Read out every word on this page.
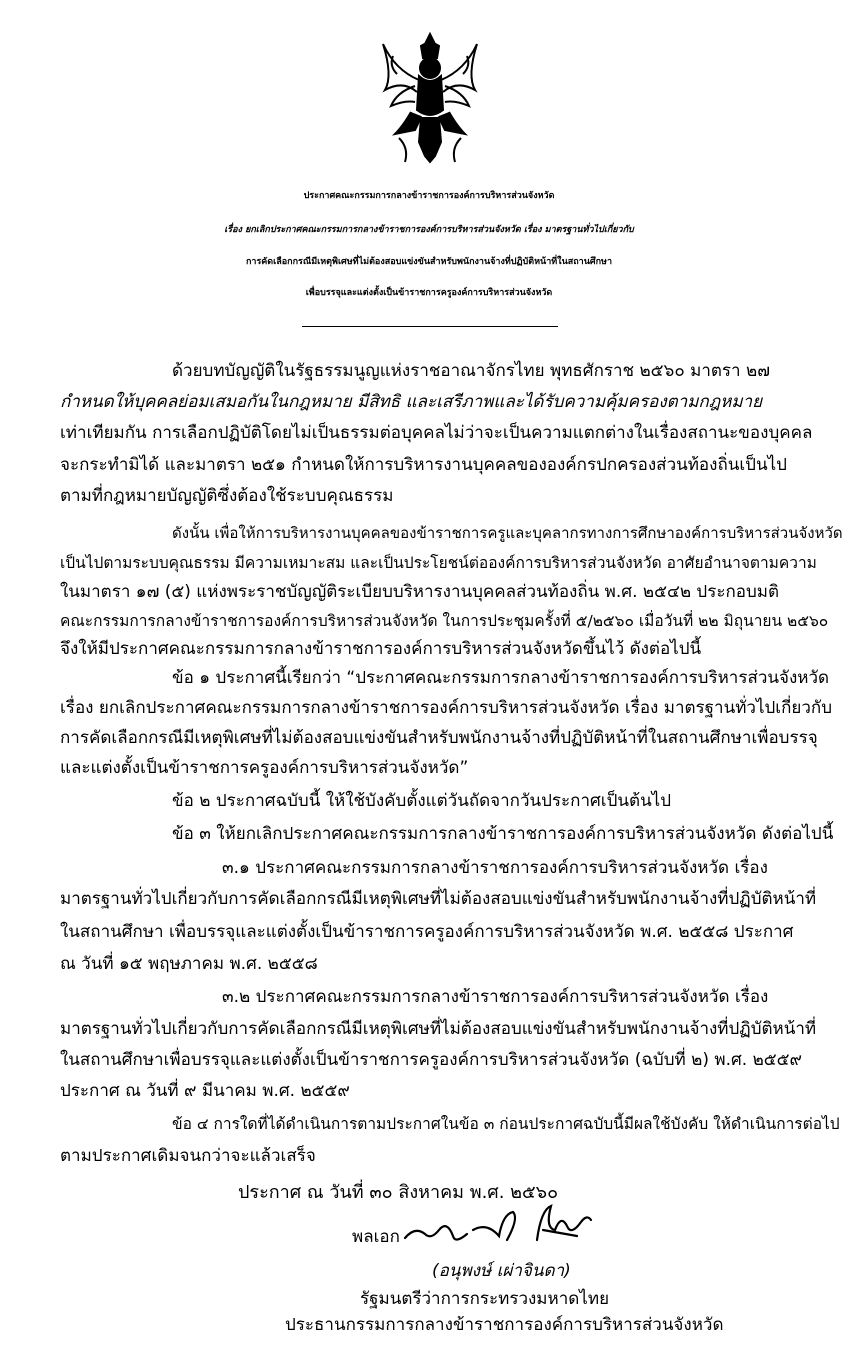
ประกาศคณะกรรมการกลางข้าราชการองค์การบริหารส่วนจังหวัด
เรื่อง ยกเลิกประกาศคณะกรรมการกลางข้าราชการองค์การบริหารส่วนจังหวัด เรื่อง มาตรฐานทั่วไปเกี่ยวกับ
การคัดเลือกกรณีมีเหตุพิเศษที่ไม่ต้องสอบแข่งขันสำหรับพนักงานจ้างที่ปฏิบัติหน้าที่ในสถานศึกษา
เพื่อบรรจุและแต่งตั้งเป็นข้าราชการครูองค์การบริหารส่วนจังหวัด
ด้วยบทบัญญัติในรัฐธรรมนูญแห่งราชอาณาจักรไทย พุทธศักราช ๒๕๖๐ มาตรา ๒๗
กำหนดให้บุคคลย่อมเสมอกันในกฎหมาย มีสิทธิ และเสรีภาพและได้รับความคุ้มครองตามกฎหมาย
เท่าเทียมกัน การเลือกปฏิบัติโดยไม่เป็นธรรมต่อบุคคลไม่ว่าจะเป็นความแตกต่างในเรื่องสถานะของบุคคล
จะกระทำมิได้ และมาตรา ๒๕๑ กำหนดให้การบริหารงานบุคคลขององค์กรปกครองส่วนท้องถิ่นเป็นไป
ตามที่กฎหมายบัญญัติซึ่งต้องใช้ระบบคุณธรรม
ดังนั้น เพื่อให้การบริหารงานบุคคลของข้าราชการครูและบุคลากรทางการศึกษาองค์การบริหารส่วนจังหวัด
เป็นไปตามระบบคุณธรรม มีความเหมาะสม และเป็นประโยชน์ต่อองค์การบริหารส่วนจังหวัด อาศัยอำนาจตามความ
ในมาตรา ๑๗ (๕) แห่งพระราชบัญญัติระเบียบบริหารงานบุคคลส่วนท้องถิ่น พ.ศ. ๒๕๔๒ ประกอบมติ
คณะกรรมการกลางข้าราชการองค์การบริหารส่วนจังหวัด ในการประชุมครั้งที่ ๕/๒๕๖๐ เมื่อวันที่ ๒๒ มิถุนายน ๒๕๖๐
จึงให้มีประกาศคณะกรรมการกลางข้าราชการองค์การบริหารส่วนจังหวัดขึ้นไว้ ดังต่อไปนี้
ข้อ ๑ ประกาศนี้เรียกว่า “ประกาศคณะกรรมการกลางข้าราชการองค์การบริหารส่วนจังหวัด
เรื่อง ยกเลิกประกาศคณะกรรมการกลางข้าราชการองค์การบริหารส่วนจังหวัด เรื่อง มาตรฐานทั่วไปเกี่ยวกับ
การคัดเลือกกรณีมีเหตุพิเศษที่ไม่ต้องสอบแข่งขันสำหรับพนักงานจ้างที่ปฏิบัติหน้าที่ในสถานศึกษาเพื่อบรรจุ
และแต่งตั้งเป็นข้าราชการครูองค์การบริหารส่วนจังหวัด”
ข้อ ๒ ประกาศฉบับนี้ ให้ใช้บังคับตั้งแต่วันถัดจากวันประกาศเป็นต้นไป
ข้อ ๓ ให้ยกเลิกประกาศคณะกรรมการกลางข้าราชการองค์การบริหารส่วนจังหวัด ดังต่อไปนี้
๓.๑ ประกาศคณะกรรมการกลางข้าราชการองค์การบริหารส่วนจังหวัด เรื่อง
มาตรฐานทั่วไปเกี่ยวกับการคัดเลือกกรณีมีเหตุพิเศษที่ไม่ต้องสอบแข่งขันสำหรับพนักงานจ้างที่ปฏิบัติหน้าที่
ในสถานศึกษา เพื่อบรรจุและแต่งตั้งเป็นข้าราชการครูองค์การบริหารส่วนจังหวัด พ.ศ. ๒๕๕๘ ประกาศ
ณ วันที่ ๑๕ พฤษภาคม พ.ศ. ๒๕๕๘
๓.๒ ประกาศคณะกรรมการกลางข้าราชการองค์การบริหารส่วนจังหวัด เรื่อง
มาตรฐานทั่วไปเกี่ยวกับการคัดเลือกกรณีมีเหตุพิเศษที่ไม่ต้องสอบแข่งขันสำหรับพนักงานจ้างที่ปฏิบัติหน้าที่
ในสถานศึกษาเพื่อบรรจุและแต่งตั้งเป็นข้าราชการครูองค์การบริหารส่วนจังหวัด (ฉบับที่ ๒) พ.ศ. ๒๕๕๙
ประกาศ ณ วันที่ ๙ มีนาคม พ.ศ. ๒๕๕๙
ข้อ ๔ การใดที่ได้ดำเนินการตามประกาศในข้อ ๓ ก่อนประกาศฉบับนี้มีผลใช้บังคับ ให้ดำเนินการต่อไป
ตามประกาศเดิมจนกว่าจะแล้วเสร็จ
ประกาศ ณ วันที่ ๓๐ สิงหาคม พ.ศ. ๒๕๖๐
พลเอก
(อนุพงษ์ เผ่าจินดา)
รัฐมนตรีว่าการกระทรวงมหาดไทย
ประธานกรรมการกลางข้าราชการองค์การบริหารส่วนจังหวัด
